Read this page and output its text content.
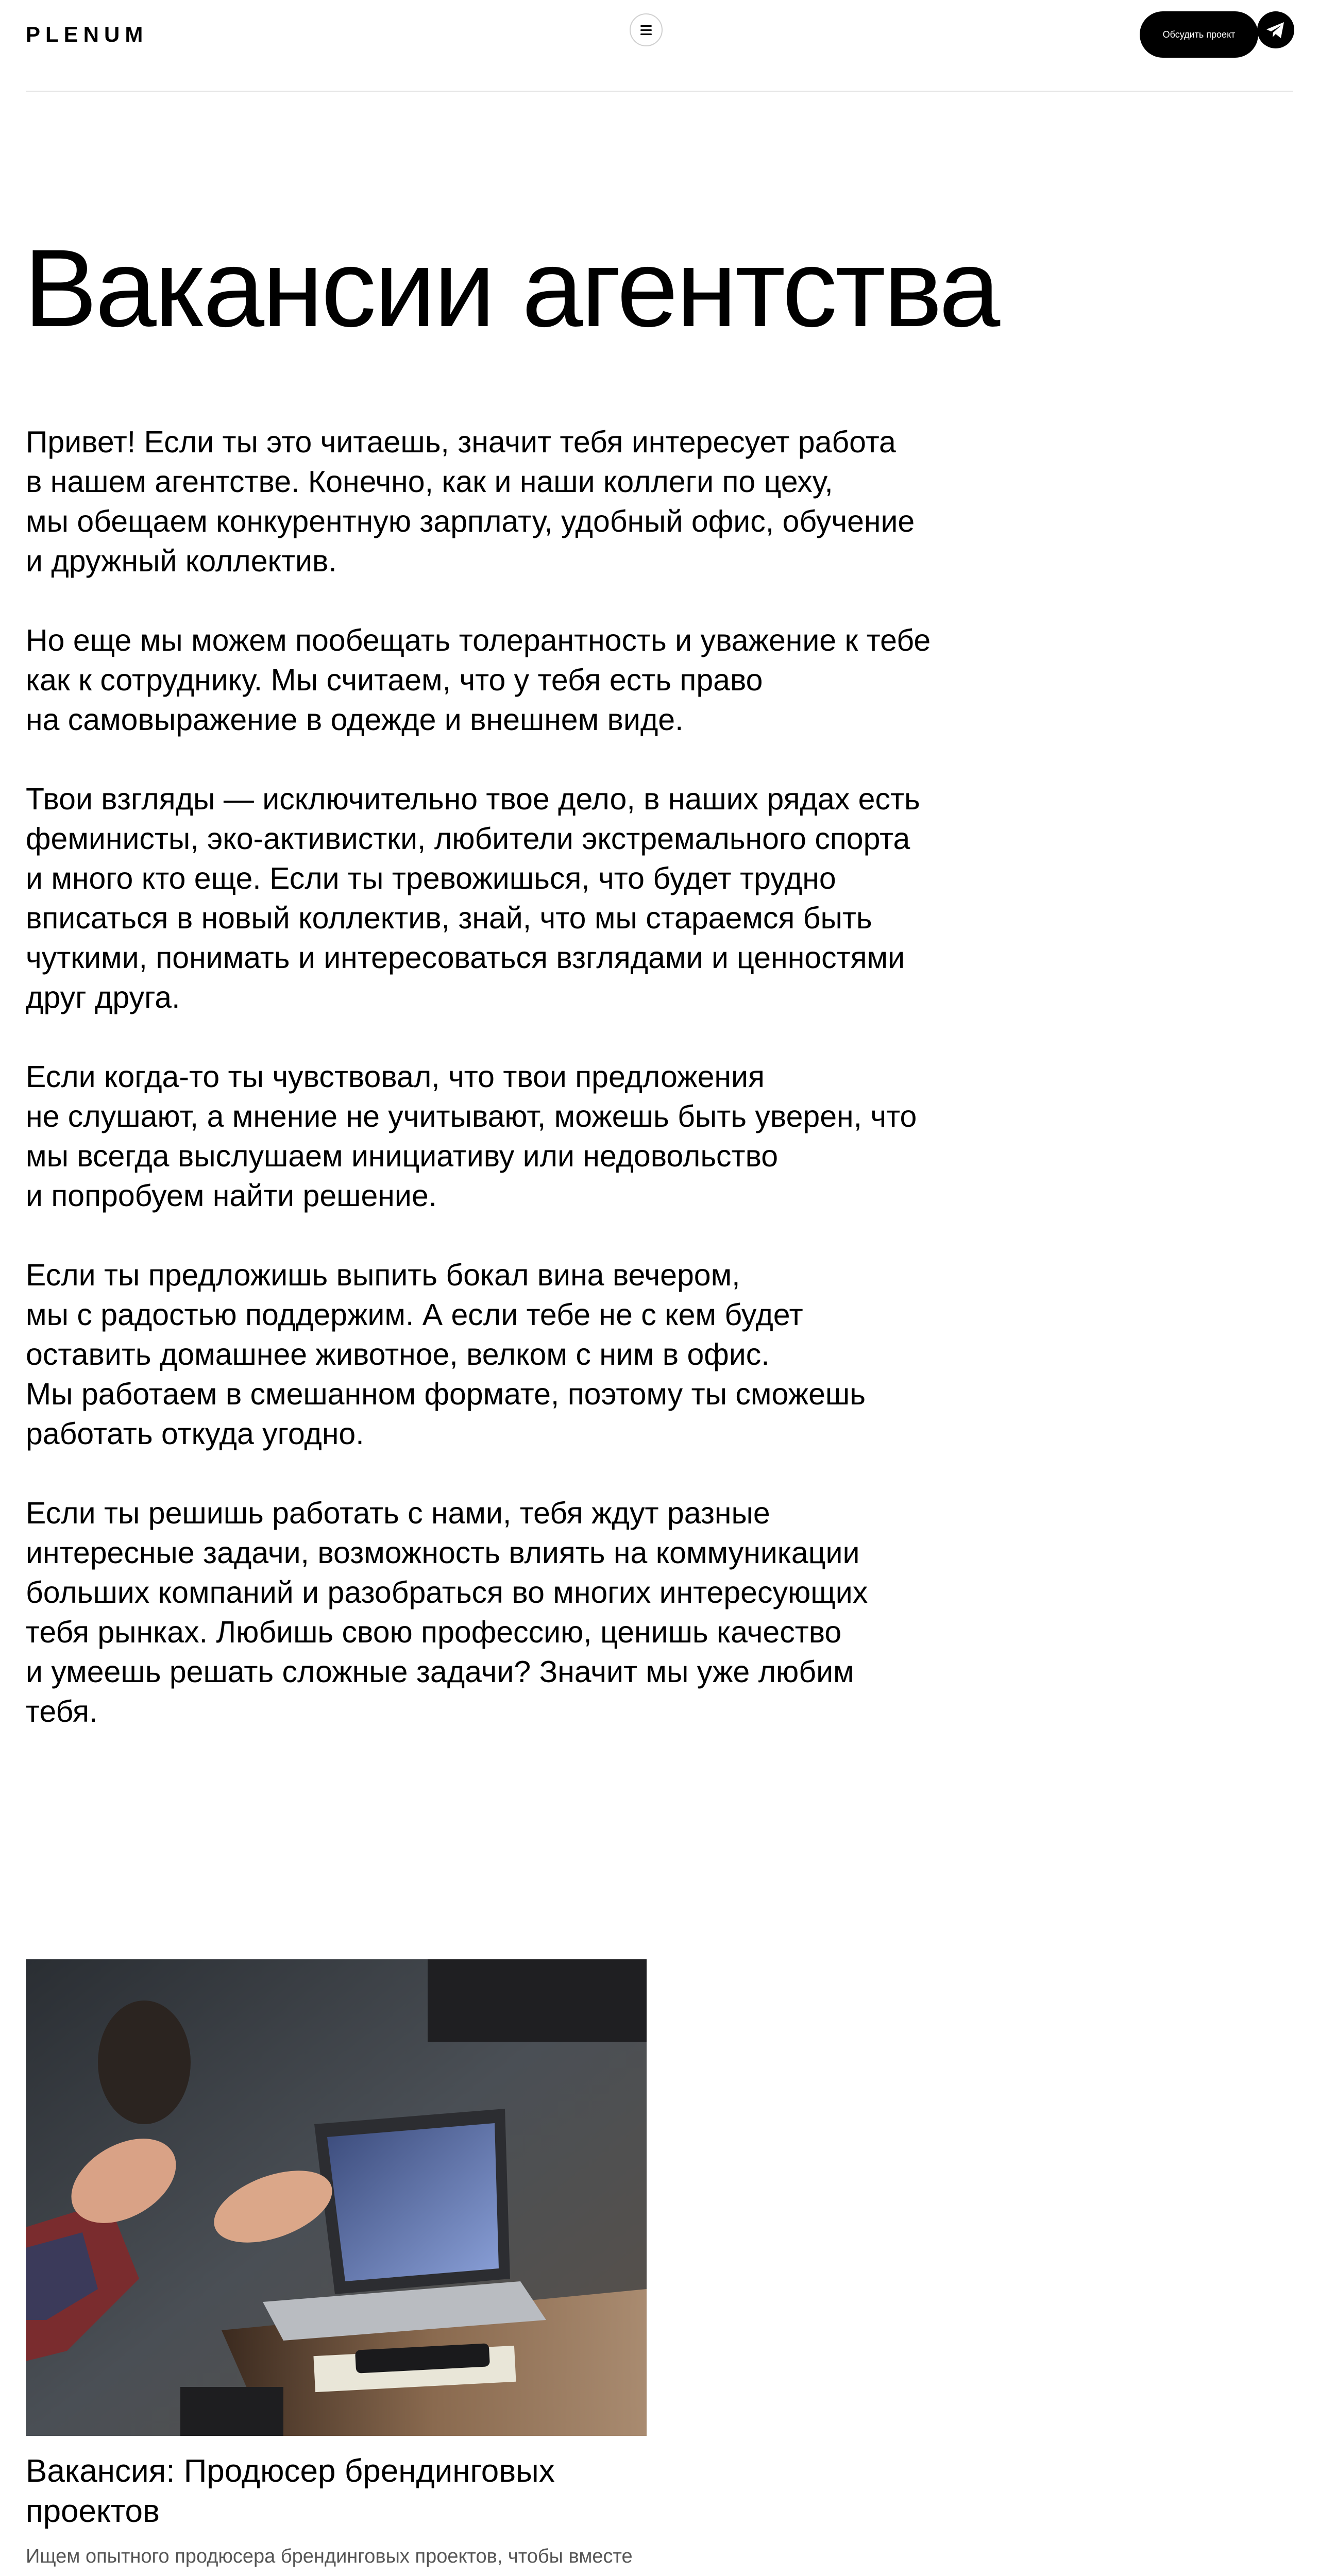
PLENUM	Обсудить проект
Вакансии агентства

Привет! Если ты это читаешь, значит тебя интересует работа
в нашем агентстве. Конечно, как и наши коллеги по цеху,
мы обещаем конкурентную зарплату, удобный офис, обучение
и дружный коллектив.

Но еще мы можем пообещать толерантность и уважение к тебе
как к сотруднику. Мы считаем, что у тебя есть право
на самовыражение в одежде и внешнем виде.

Твои взгляды — исключительно твое дело, в наших рядах есть
феминисты, эко-активистки, любители экстремального спорта
и много кто еще. Если ты тревожишься, что будет трудно
вписаться в новый коллектив, знай, что мы стараемся быть
чуткими, понимать и интересоваться взглядами и ценностями
друг друга.

Если когда-то ты чувствовал, что твои предложения
не слушают, а мнение не учитывают, можешь быть уверен, что
мы всегда выслушаем инициативу или недовольство
и попробуем найти решение.

Если ты предложишь выпить бокал вина вечером,
мы с радостью поддержим. А если тебе не с кем будет
оставить домашнее животное, велком с ним в офис.
Мы работаем в смешанном формате, поэтому ты сможешь
работать откуда угодно.

Если ты решишь работать с нами, тебя ждут разные
интересные задачи, возможность влиять на коммуникации
больших компаний и разобраться во многих интересующих
тебя рынках. Любишь свою профессию, ценишь качество
и умеешь решать сложные задачи? Значит мы уже любим
тебя.

Вакансия: Продюсер брендинговых проектов

Ищем опытного продюсера брендинговых проектов, чтобы вместе
